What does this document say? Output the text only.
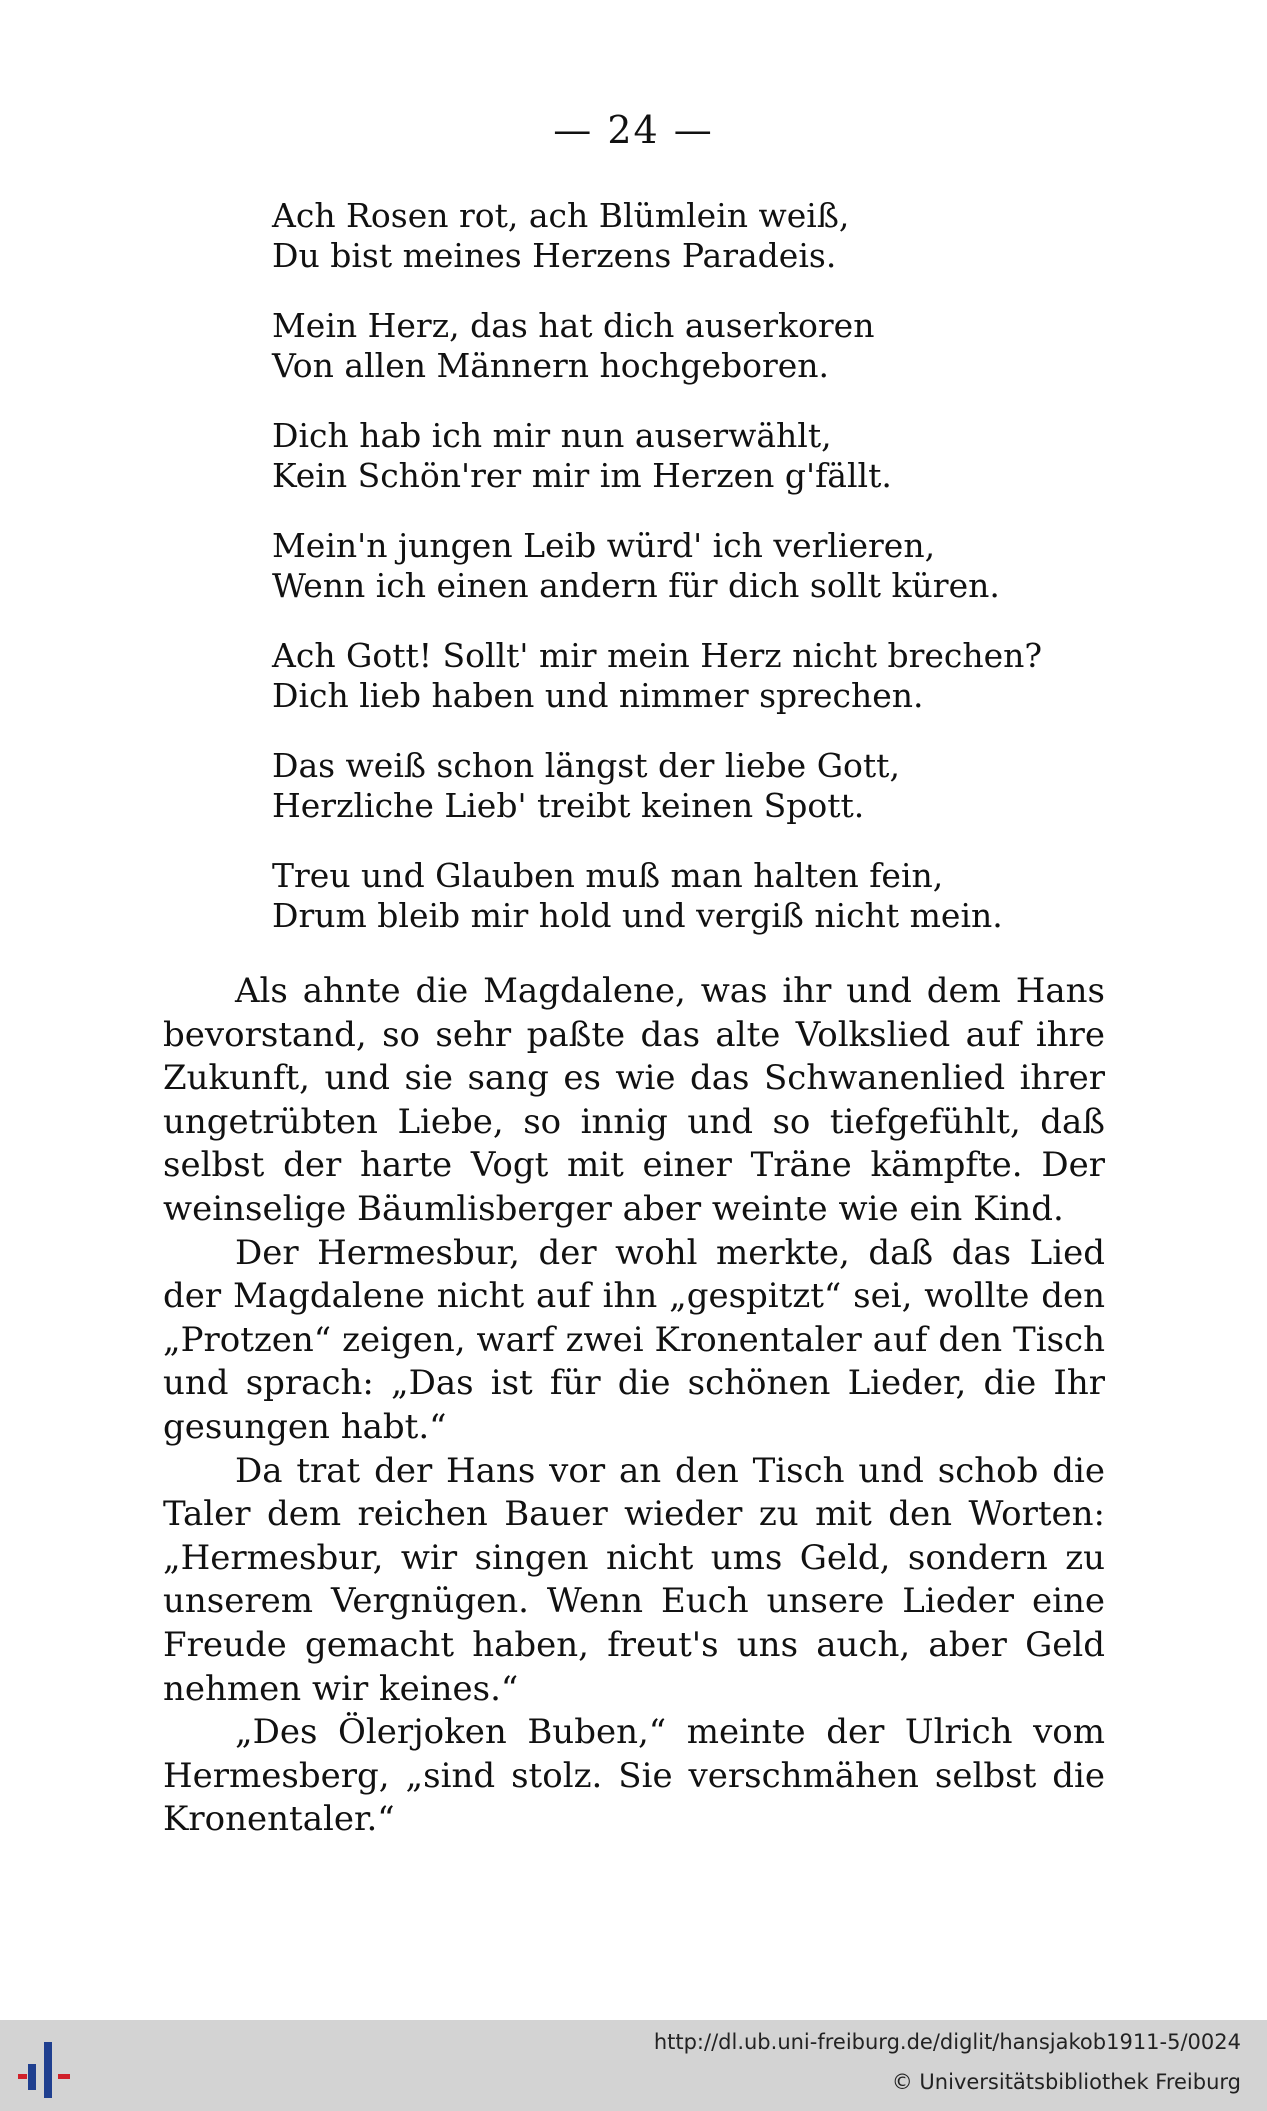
— 24 —
Ach Rosen rot, ach Blümlein weiß,
Du bist meines Herzens Paradeis.
Mein Herz, das hat dich auserkoren
Von allen Männern hochgeboren.
Dich hab ich mir nun auserwählt,
Kein Schön'rer mir im Herzen g'fällt.
Mein'n jungen Leib würd' ich verlieren,
Wenn ich einen andern für dich sollt küren.
Ach Gott! Sollt' mir mein Herz nicht brechen?
Dich lieb haben und nimmer sprechen.
Das weiß schon längst der liebe Gott,
Herzliche Lieb' treibt keinen Spott.
Treu und Glauben muß man halten fein,
Drum bleib mir hold und vergiß nicht mein.

Als ahnte die Magdalene, was ihr und dem Hans bevorstand, so sehr paßte das alte Volkslied auf ihre Zukunft, und sie sang es wie das Schwanenlied ihrer ungetrübten Liebe, so innig und so tiefgefühlt, daß selbst der harte Vogt mit einer Träne kämpfte. Der weinselige Bäumlisberger aber weinte wie ein Kind.

Der Hermesbur, der wohl merkte, daß das Lied der Magdalene nicht auf ihn „gespitzt“ sei, wollte den „Protzen“ zeigen, warf zwei Kronentaler auf den Tisch und sprach: „Das ist für die schönen Lieder, die Ihr gesungen habt.“

Da trat der Hans vor an den Tisch und schob die Taler dem reichen Bauer wieder zu mit den Worten: „Hermesbur, wir singen nicht ums Geld, sondern zu unserem Vergnügen. Wenn Euch unsere Lieder eine Freude gemacht haben, freut's uns auch, aber Geld nehmen wir keines.“

„Des Ölerjoken Buben,“ meinte der Ulrich vom Hermesberg, „sind stolz. Sie verschmähen selbst die Kronentaler.“

http://dl.ub.uni-freiburg.de/diglit/hansjakob1911-5/0024
© Universitätsbibliothek Freiburg
